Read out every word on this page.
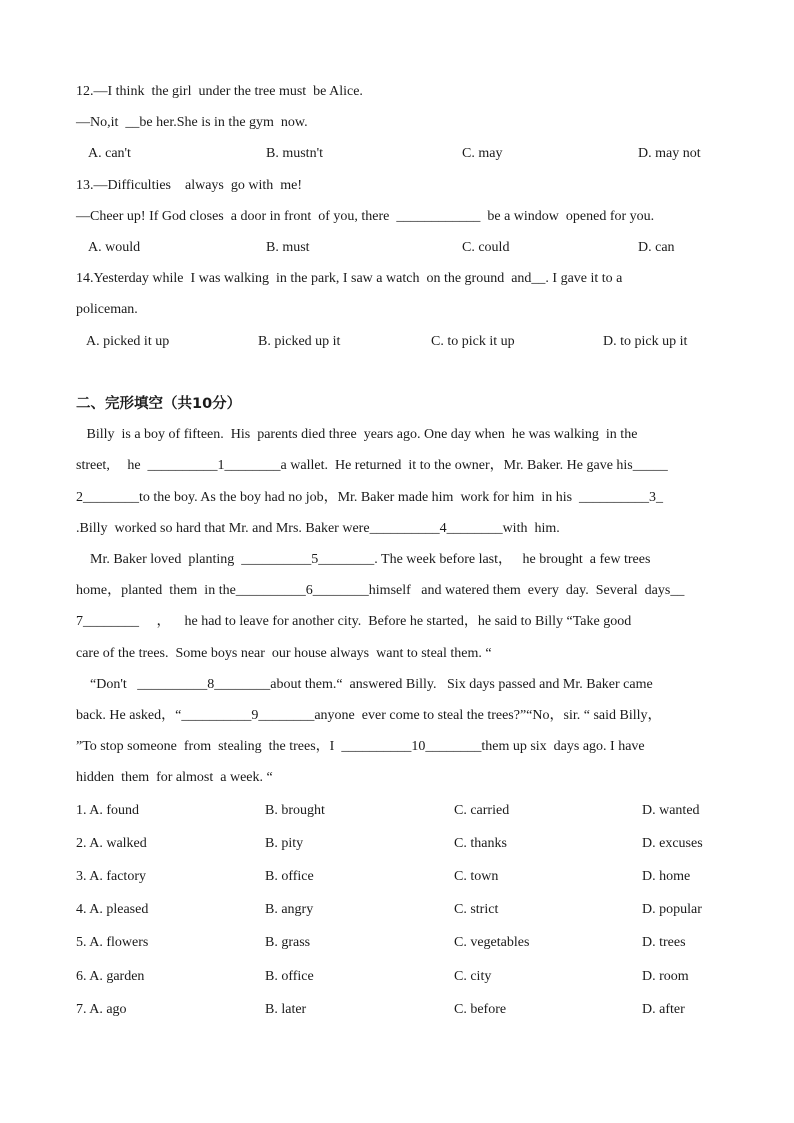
12.—I think  the girl  under the tree must  be Alice.
—No,it  __be her.She is in the gym  now.
A. can't	B. mustn't	C. may	D. may not
13.—Difficulties    always  go with  me!
—Cheer up! If God closes  a door in front  of you, there  ____________  be a window  opened for you.
A. would	B. must	C. could	D. can
14.Yesterday while  I was walking  in the park, I saw a watch  on the ground  and__. I gave it to a
policeman.
A. picked it up	B. picked up it	C. to pick it up	D. to pick up it
二、完形填空（共10分）
Billy  is a boy of fifteen.  His  parents died three  years ago. One day when  he was walking  in the
street,     he  __________1________a wallet.  He returned  it to the owner，Mr. Baker. He gave his_____
2________to the boy. As the boy had no job，Mr. Baker made him  work for him  in his  __________3_
.Billy  worked so hard that Mr. and Mrs. Baker were__________4________with  him.
Mr. Baker loved  planting  __________5________. The week before last，   he brought  a few trees
home，planted  them  in the__________6________himself   and watered them  every  day.  Several  days__
7________     ，    he had to leave for another city.  Before he started，he said to Billy “Take good
care of the trees.  Some boys near  our house always  want to steal them. “
“Don't   __________8________about them.“  answered Billy.   Six days passed and Mr. Baker came
back. He asked，“__________9________anyone  ever come to steal the trees?”“No，sir. “ said Billy，
”To stop someone  from  stealing  the trees，I  __________10________them up six  days ago. I have
hidden  them  for almost  a week. “
1. A. found	B. brought	C. carried	D. wanted
2. A. walked	B. pity	C. thanks	D. excuses
3. A. factory	B. office	C. town	D. home
4. A. pleased	B. angry	C. strict	D. popular
5. A. flowers	B. grass	C. vegetables	D. trees
6. A. garden	B. office	C. city	D. room
7. A. ago	B. later	C. before	D. after
